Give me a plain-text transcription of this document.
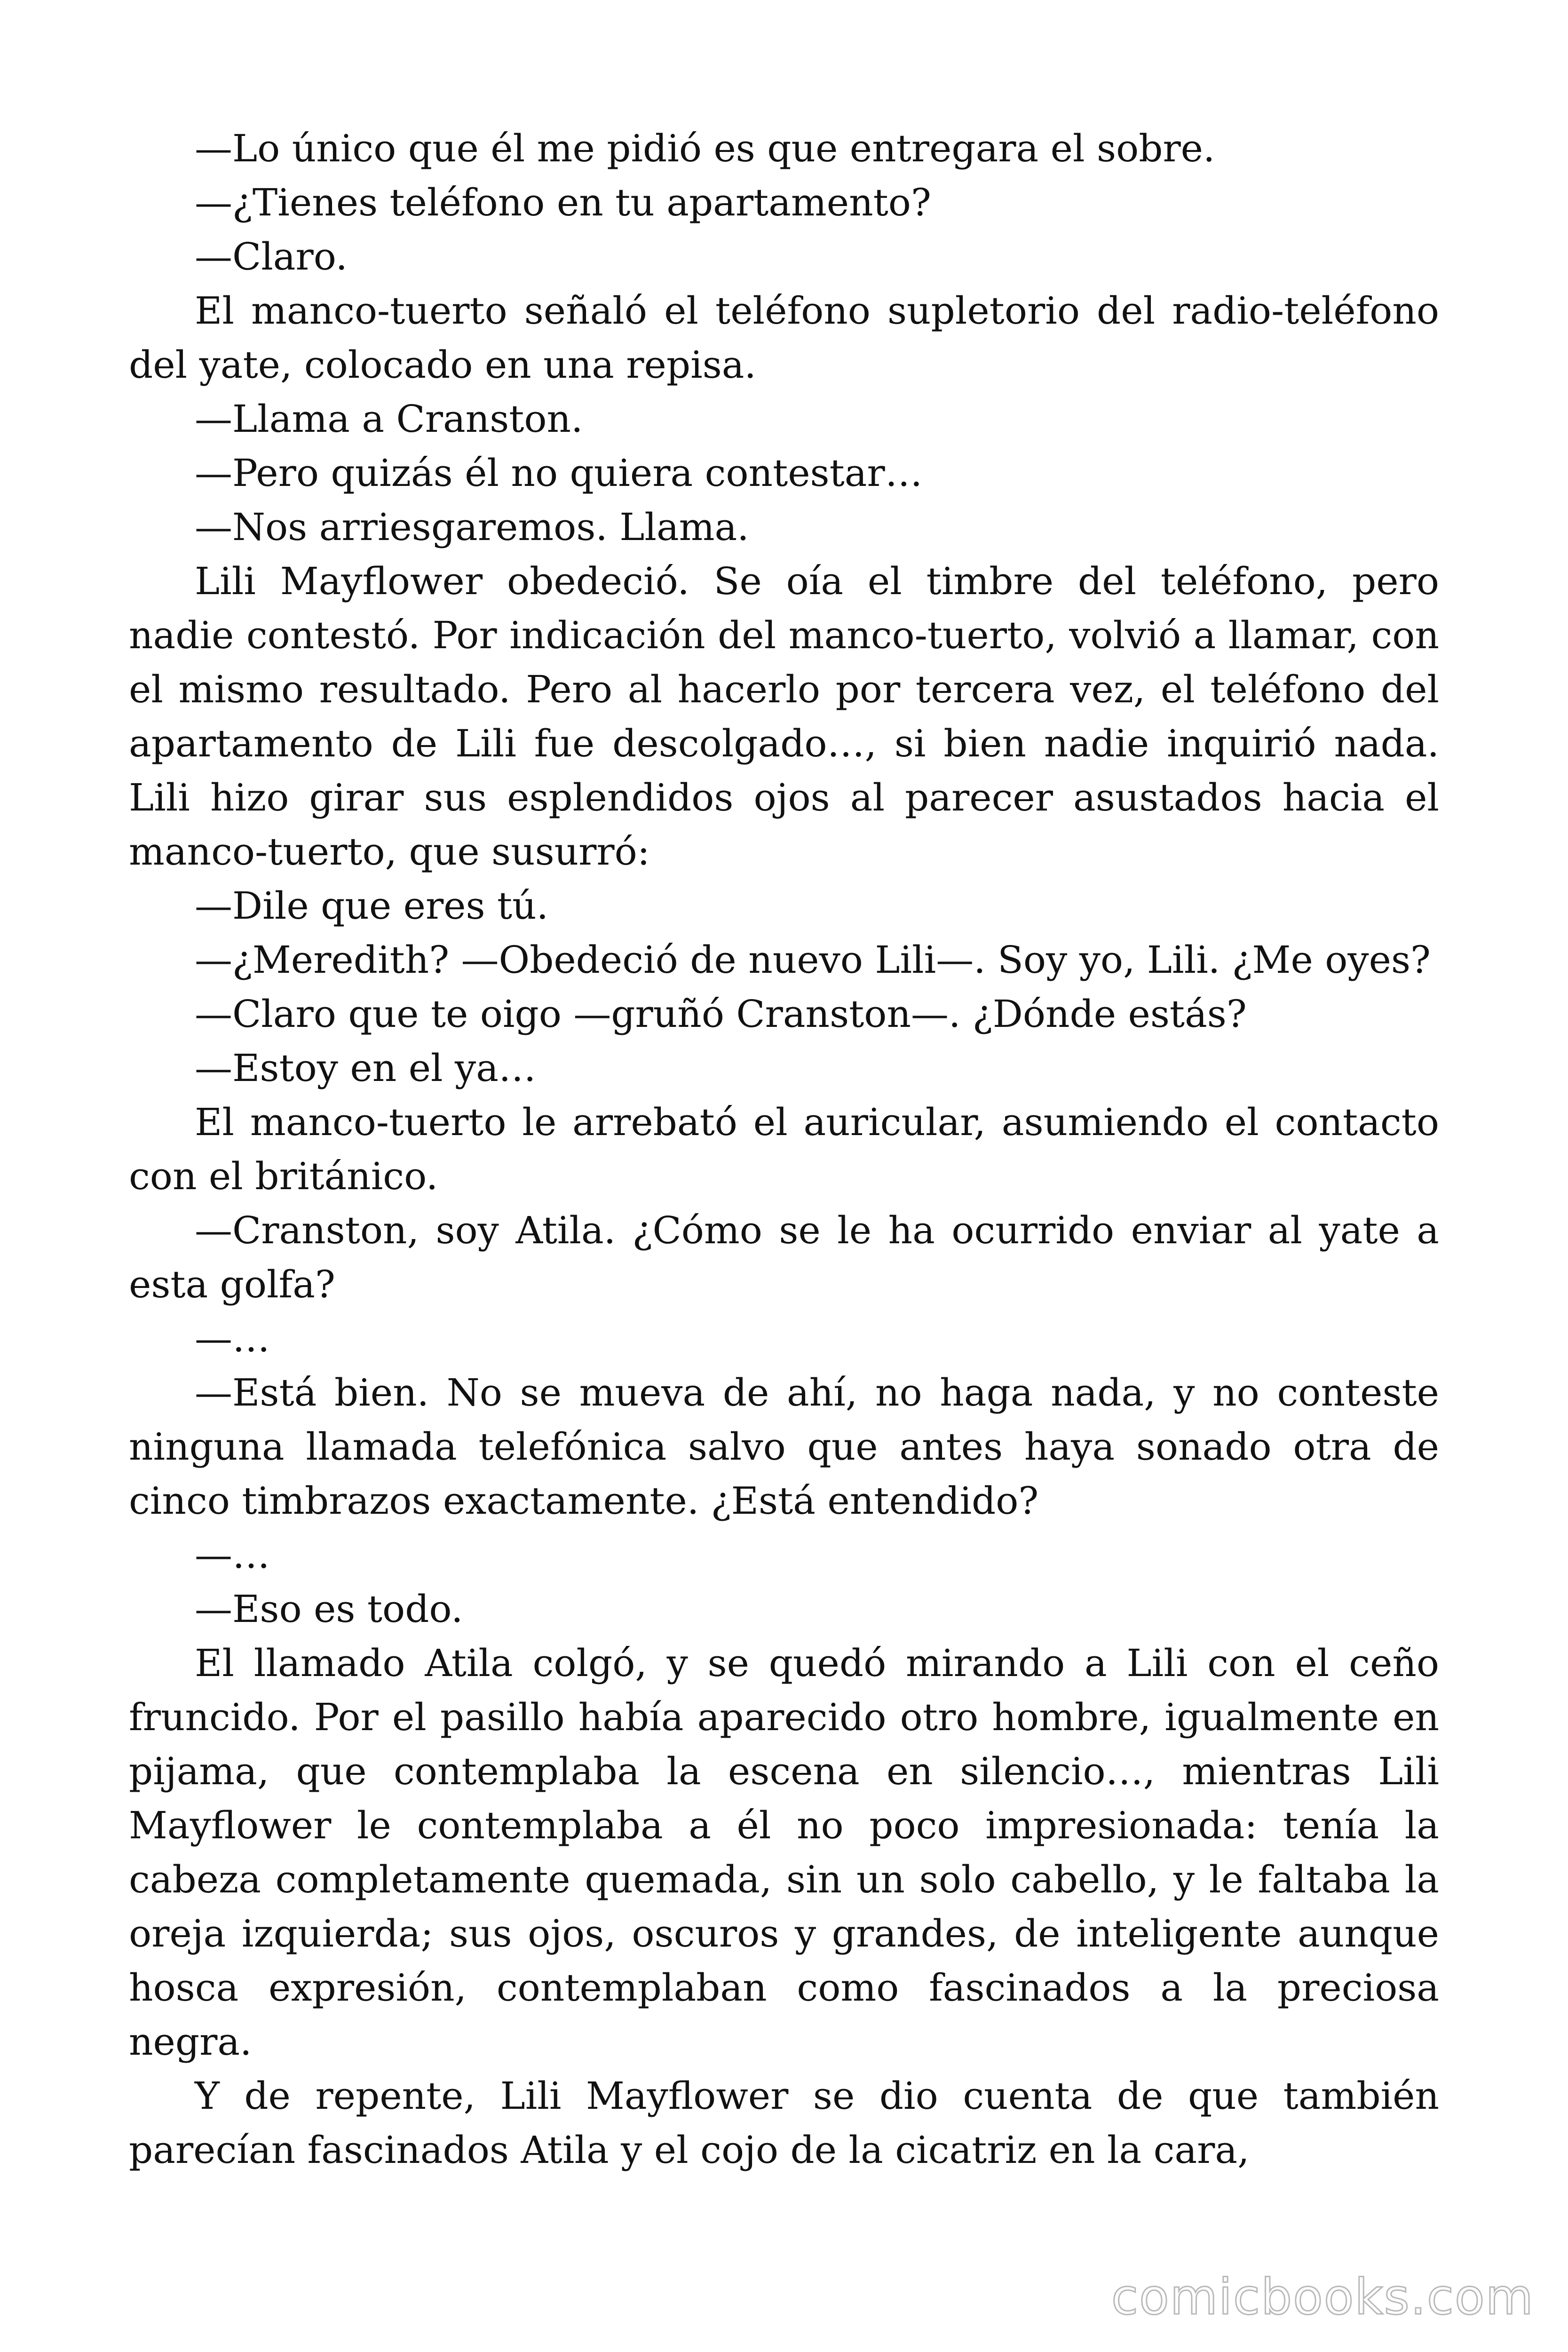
—Lo único que él me pidió es que entregara el sobre.

—¿Tienes teléfono en tu apartamento?

—Claro.

El manco-tuerto señaló el teléfono supletorio del radio-teléfono del yate, colocado en una repisa.

—Llama a Cranston.

—Pero quizás él no quiera contestar…

—Nos arriesgaremos. Llama.

Lili Mayflower obedeció. Se oía el timbre del teléfono, pero nadie contestó. Por indicación del manco-tuerto, volvió a llamar, con el mismo resultado. Pero al hacerlo por tercera vez, el teléfono del apartamento de Lili fue descolgado…, si bien nadie inquirió nada. Lili hizo girar sus esplendidos ojos al parecer asustados hacia el manco-tuerto, que susurró:

—Dile que eres tú.

—¿Meredith? —Obedeció de nuevo Lili—. Soy yo, Lili. ¿Me oyes?

—Claro que te oigo —gruñó Cranston—. ¿Dónde estás?

—Estoy en el ya…

El manco-tuerto le arrebató el auricular, asumiendo el contacto con el británico.

—Cranston, soy Atila. ¿Cómo se le ha ocurrido enviar al yate a esta golfa?

—…

—Está bien. No se mueva de ahí, no haga nada, y no conteste ninguna llamada telefónica salvo que antes haya sonado otra de cinco timbrazos exactamente. ¿Está entendido?

—…

—Eso es todo.

El llamado Atila colgó, y se quedó mirando a Lili con el ceño fruncido. Por el pasillo había aparecido otro hombre, igualmente en pijama, que contemplaba la escena en silencio…, mientras Lili Mayflower le contemplaba a él no poco impresionada: tenía la cabeza completamente quemada, sin un solo cabello, y le faltaba la oreja izquierda; sus ojos, oscuros y grandes, de inteligente aunque hosca expresión, contemplaban como fascinados a la preciosa negra.

Y de repente, Lili Mayflower se dio cuenta de que también parecían fascinados Atila y el cojo de la cicatriz en la cara,

comicbooks.com
